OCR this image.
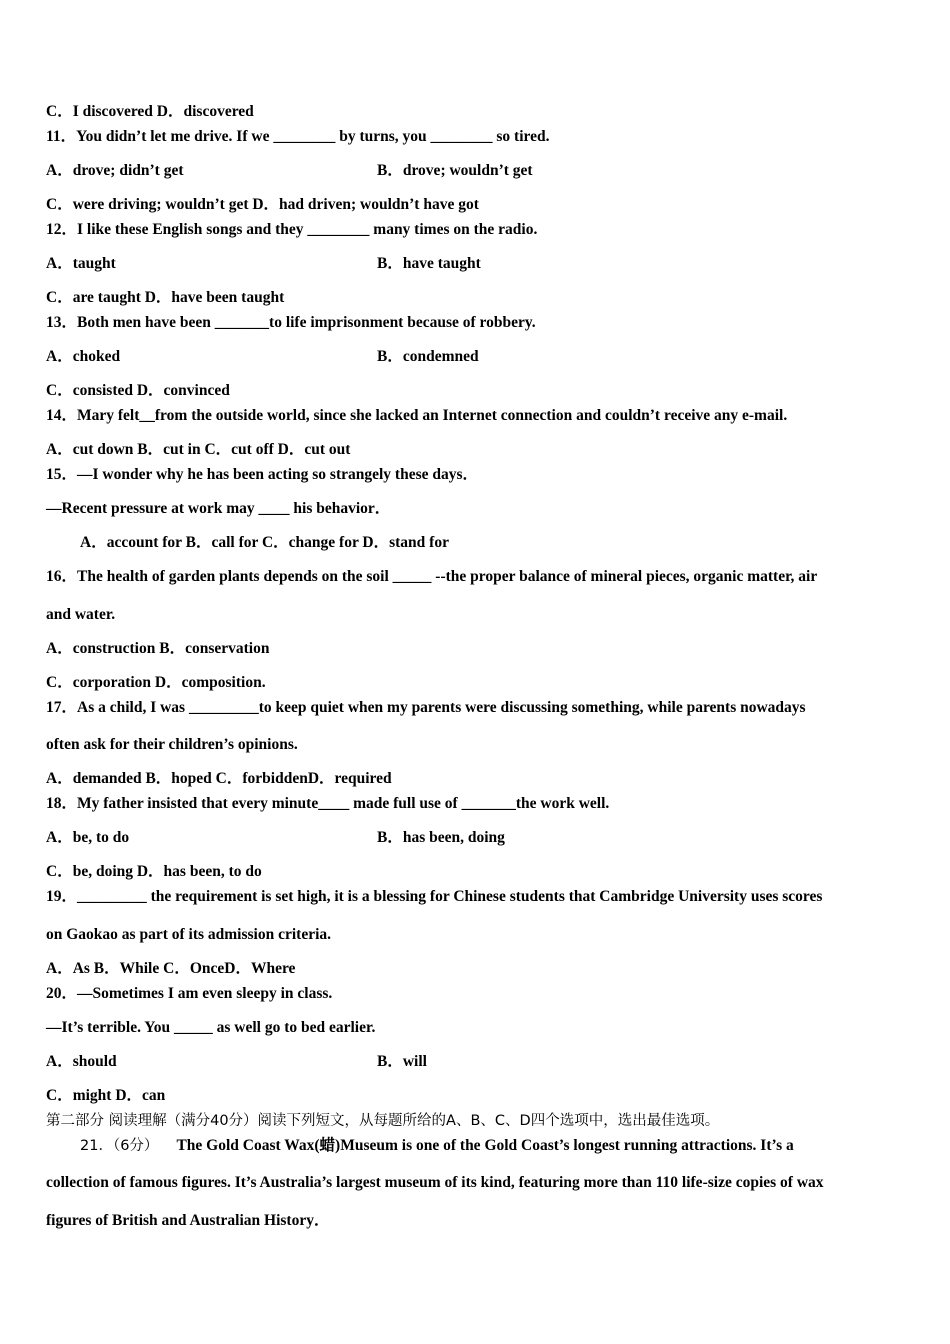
C．I discovered D．discovered
11．You didn’t let me drive. If we ________ by turns, you ________ so tired.
A．drove; didn’t get	B．drove; wouldn’t get
C．were driving; wouldn’t get D．had driven; wouldn’t have got
12．I like these English songs and they ________ many times on the radio.
A．taught	B．have taught
C．are taught D．have been taught
13．Both men have been _______to life imprisonment because of robbery.
A．choked	B．condemned
C．consisted D．convinced
14．Mary felt__from the outside world, since she lacked an Internet connection and couldn’t receive any e-mail.
A．cut down B．cut in C．cut off D．cut out
15．—I wonder why he has been acting so strangely these days．
—Recent pressure at work may ____ his behavior．
A．account for B．call for C．change for D．stand for
16．The health of garden plants depends on the soil _____ --the proper balance of mineral pieces, organic matter, air
and water.
A．construction B．conservation
C．corporation D．composition.
17．As a child, I was _________to keep quiet when my parents were discussing something, while parents nowadays
often ask for their children’s opinions.
A．demanded B．hoped C．forbiddenD．required
18．My father insisted that every minute____ made full use of _______the work well.
A．be, to do	B．has been, doing
C．be, doing D．has been, to do
19．_________ the requirement is set high, it is a blessing for Chinese students that Cambridge University uses scores
on Gaokao as part of its admission criteria.
A．As B．While C．OnceD．Where
20．—Sometimes I am even sleepy in class.
—It’s terrible. You _____ as well go to bed earlier.
A．should	B．will
C．might D．can
第二部分 阅读理解（满分40分）阅读下列短文，从每题所给的A、B、C、D四个选项中，选出最佳选项。
21．（6分） The Gold Coast Wax(蜡)Museum is one of the Gold Coast’s longest running attractions. It’s a
collection of famous figures. It’s Australia’s largest museum of its kind, featuring more than 110 life-size copies of wax
figures of British and Australian History．
